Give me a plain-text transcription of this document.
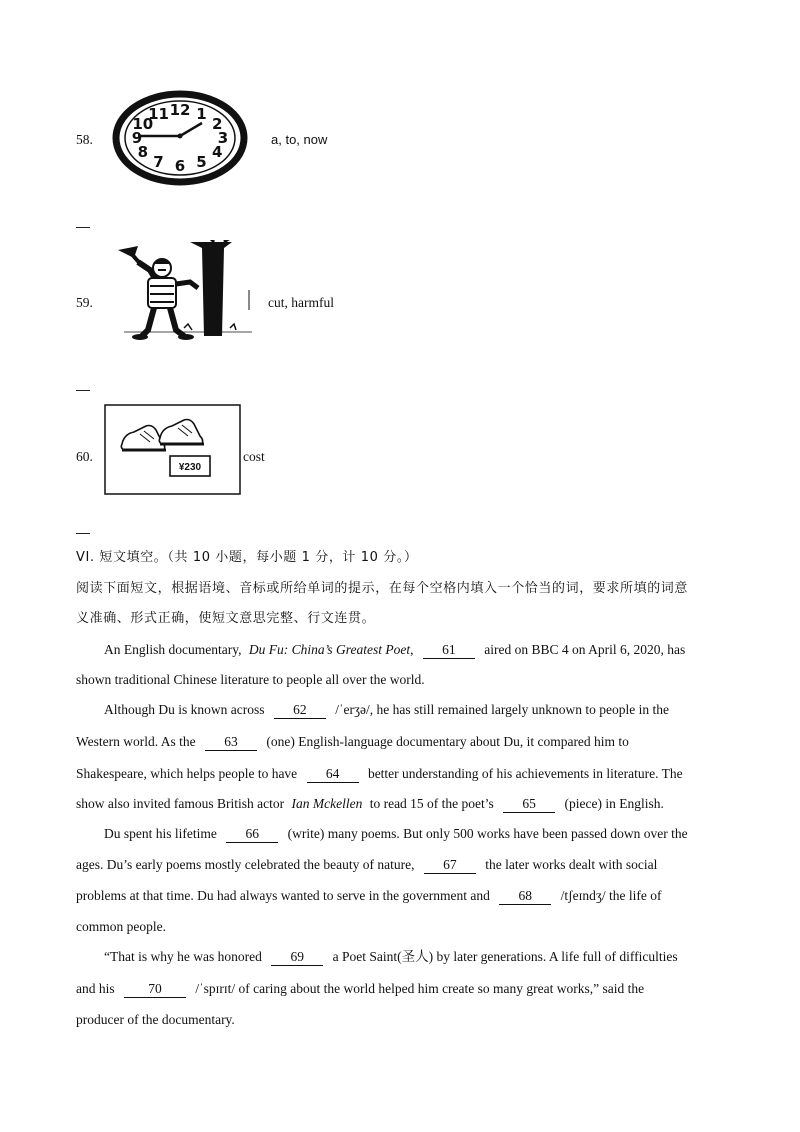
58.
12 1
2
3
4
5
6
7
8
9
10
11
a, to, now
59.	cut, harmful
60.
¥230
cost
VI. 短文填空。（共 10 小题，每小题 1 分，计 10 分。）
阅读下面短文，根据语境、音标或所给单词的提示，在每个空格内填入一个恰当的词，要求所填的词意
义准确、形式正确，使短文意思完整、行文连贯。
An English documentary, Du Fu: China’s Greatest Poet, 61 aired on BBC 4 on April 6, 2020, has
shown traditional Chinese literature to people all over the world.
Although Du is known across 62 /ˈerʒə/, he has still remained largely unknown to people in the
Western world. As the 63 (one) English-language documentary about Du, it compared him to
Shakespeare, which helps people to have 64 better understanding of his achievements in literature. The
show also invited famous British actor Ian Mckellen to read 15 of the poet’s 65 (piece) in English.
Du spent his lifetime 66 (write) many poems. But only 500 works have been passed down over the
ages. Du’s early poems mostly celebrated the beauty of nature, 67 the later works dealt with social
problems at that time. Du had always wanted to serve in the government and 68 /tʃeɪndʒ/ the life of
common people.
“That is why he was honored 69 a Poet Saint(圣人) by later generations. A life full of difficulties
and his 70 /ˈspɪrɪt/ of caring about the world helped him create so many great works,” said the
producer of the documentary.
